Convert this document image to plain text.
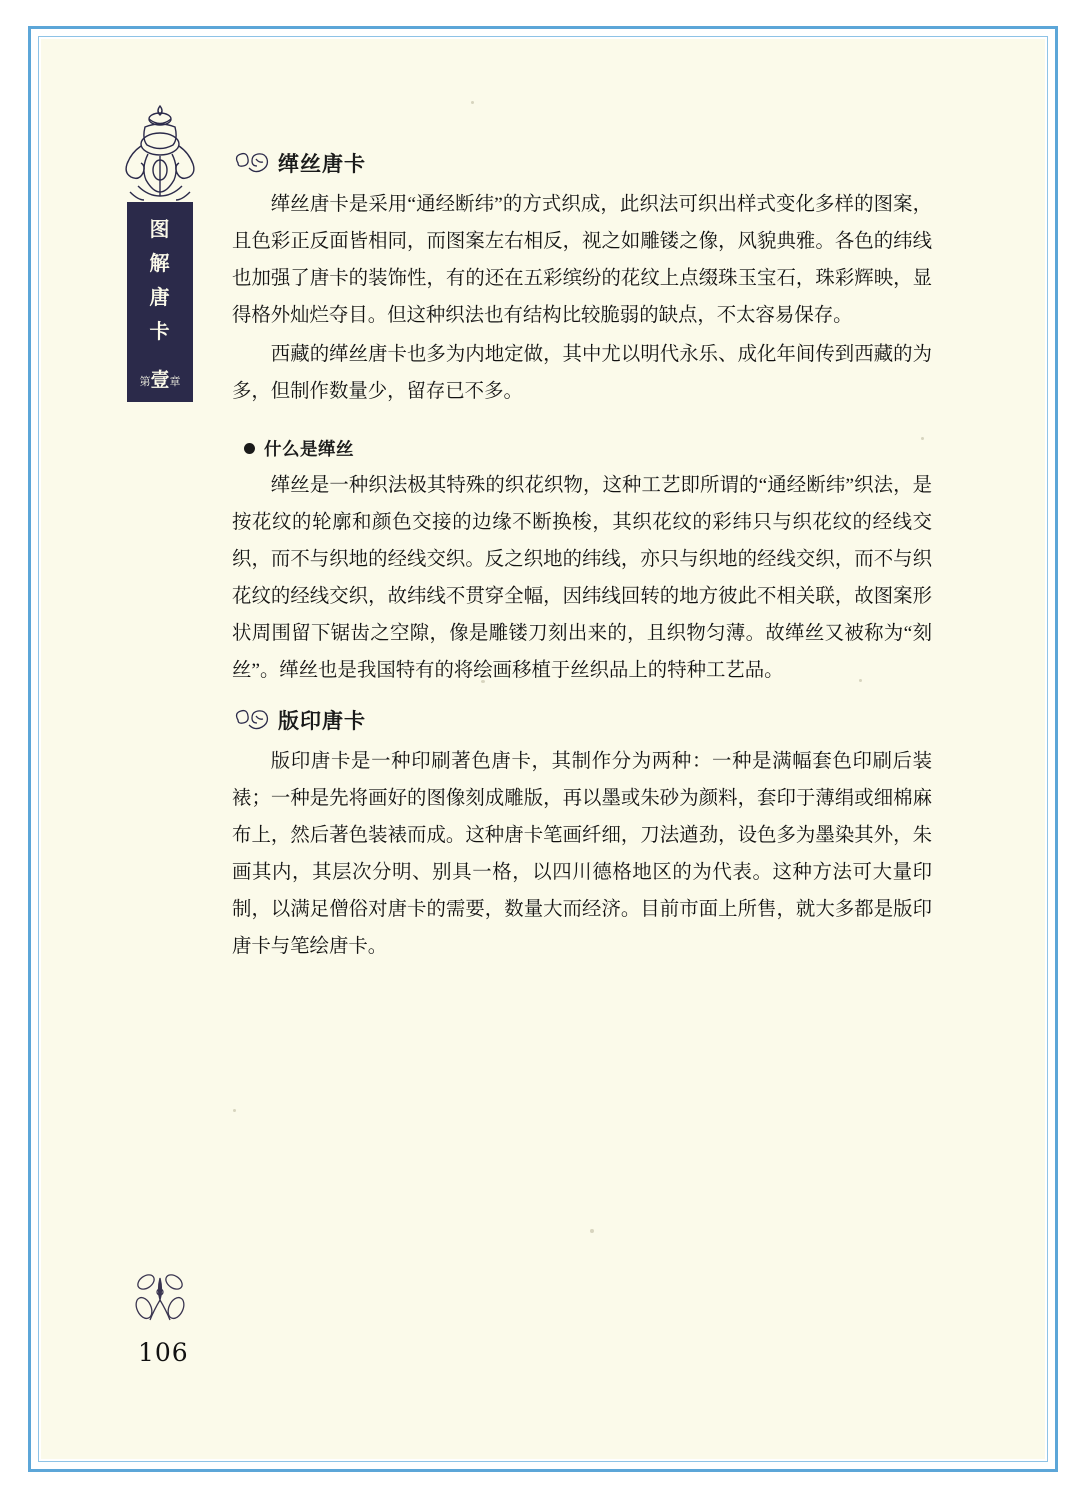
图
解
唐
卡
第壹章
缂丝唐卡

缂丝唐卡是采用“通经断纬”的方式织成，此织法可织出样式变化多样的图案，且色彩正反面皆相同，而图案左右相反，视之如雕镂之像，风貌典雅。各色的纬线也加强了唐卡的装饰性，有的还在五彩缤纷的花纹上点缀珠玉宝石，珠彩辉映，显得格外灿烂夺目。但这种织法也有结构比较脆弱的缺点，不太容易保存。

西藏的缂丝唐卡也多为内地定做，其中尤以明代永乐、成化年间传到西藏的为多，但制作数量少，留存已不多。

什么是缂丝

缂丝是一种织法极其特殊的织花织物，这种工艺即所谓的“通经断纬”织法，是按花纹的轮廓和颜色交接的边缘不断换梭，其织花纹的彩纬只与织花纹的经线交织，而不与织地的经线交织。反之织地的纬线，亦只与织地的经线交织，而不与织花纹的经线交织，故纬线不贯穿全幅，因纬线回转的地方彼此不相关联，故图案形状周围留下锯齿之空隙，像是雕镂刀刻出来的，且织物匀薄。故缂丝又被称为“刻丝”。缂丝也是我国特有的将绘画移植于丝织品上的特种工艺品。

版印唐卡

版印唐卡是一种印刷著色唐卡，其制作分为两种：一种是满幅套色印刷后装裱；一种是先将画好的图像刻成雕版，再以墨或朱砂为颜料，套印于薄绢或细棉麻布上，然后著色装裱而成。这种唐卡笔画纤细，刀法遒劲，设色多为墨染其外，朱画其内，其层次分明、别具一格，以四川德格地区的为代表。这种方法可大量印制，以满足僧俗对唐卡的需要，数量大而经济。目前市面上所售，就大多都是版印唐卡与笔绘唐卡。

106
